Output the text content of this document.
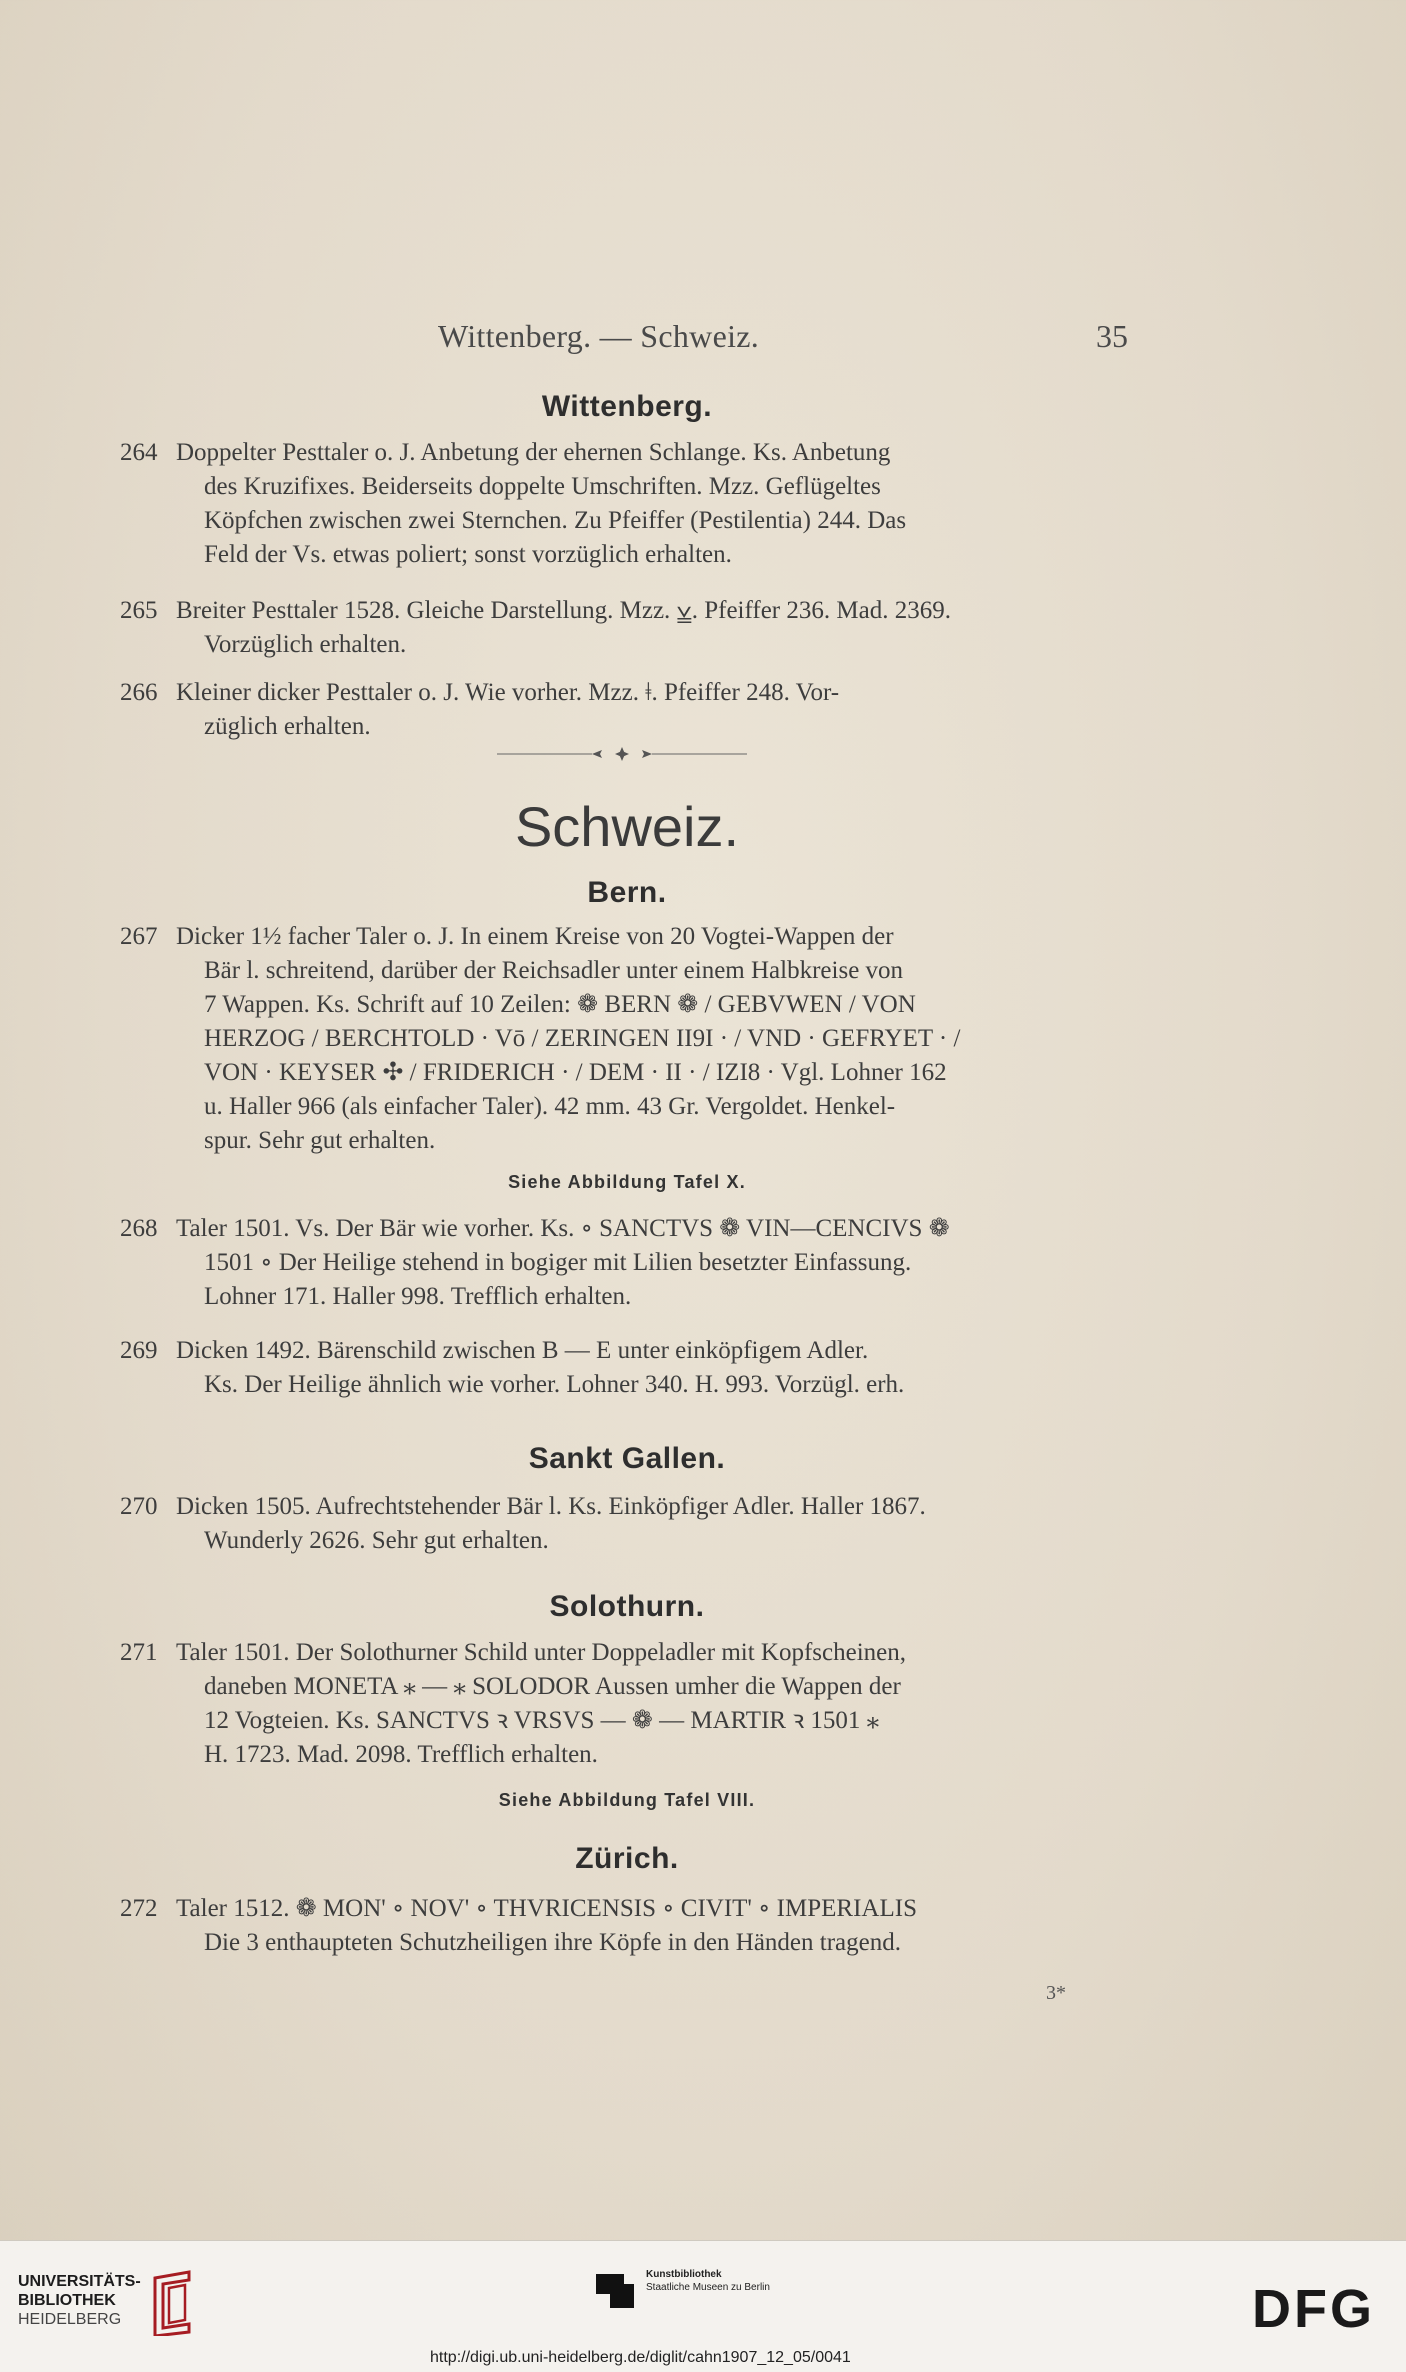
Wittenberg. — Schweiz.	35
Wittenberg.
264 Doppelter Pesttaler o. J. Anbetung der ehernen Schlange. Ks. Anbetung
des Kruzifixes. Beiderseits doppelte Umschriften. Mzz. Geflügeltes
Köpfchen zwischen zwei Sternchen. Zu Pfeiffer (Pestilentia) 244. Das
Feld der Vs. etwas poliert; sonst vorzüglich erhalten.
265 Breiter Pesttaler 1528. Gleiche Darstellung. Mzz. ⩣. Pfeiffer 236. Mad. 2369.
Vorzüglich erhalten.
266 Kleiner dicker Pesttaler o. J. Wie vorher. Mzz. ǂ. Pfeiffer 248. Vor-
züglich erhalten.
Schweiz.
Bern.
267 Dicker 1½ facher Taler o. J. In einem Kreise von 20 Vogtei-Wappen der
Bär l. schreitend, darüber der Reichsadler unter einem Halbkreise von
7 Wappen. Ks. Schrift auf 10 Zeilen: ❁ BERN ❁ / GEBVWEN / VON
HERZOG / BERCHTOLD · Vō / ZERINGEN II9I · / VND · GEFRYET · /
VON · KEYSER ✣ / FRIDERICH · / DEM · II · / IZI8 · Vgl. Lohner 162
u. Haller 966 (als einfacher Taler). 42 mm. 43 Gr. Vergoldet. Henkel-
spur. Sehr gut erhalten.
Siehe Abbildung Tafel X.
268 Taler 1501. Vs. Der Bär wie vorher. Ks. ∘ SANCTVS ❁ VIN—CENCIVS ❁
1501 ∘ Der Heilige stehend in bogiger mit Lilien besetzter Einfassung.
Lohner 171. Haller 998. Trefflich erhalten.
269 Dicken 1492. Bärenschild zwischen B — E unter einköpfigem Adler.
Ks. Der Heilige ähnlich wie vorher. Lohner 340. H. 993. Vorzügl. erh.
Sankt Gallen.
270 Dicken 1505. Aufrechtstehender Bär l. Ks. Einköpfiger Adler. Haller 1867.
Wunderly 2626. Sehr gut erhalten.
Solothurn.
271 Taler 1501. Der Solothurner Schild unter Doppeladler mit Kopfscheinen,
daneben MONETA ⁎ — ⁎ SOLODOR Aussen umher die Wappen der
12 Vogteien. Ks. SANCTVS ꝛ VRSVS — ❁ — MARTIR ꝛ 1501 ⁎
H. 1723. Mad. 2098. Trefflich erhalten.
Siehe Abbildung Tafel VIII.
Zürich.
272 Taler 1512. ❁ MON' ∘ NOV' ∘ THVRICENSIS ∘ CIVIT' ∘ IMPERIALIS
Die 3 enthaupteten Schutzheiligen ihre Köpfe in den Händen tragend.
3*
UNIVERSITÄTS-
BIBLIOTHEK
HEIDELBERG
Kunstbibliothek
Staatliche Museen zu Berlin	DFG
http://digi.ub.uni-heidelberg.de/diglit/cahn1907_12_05/0041
